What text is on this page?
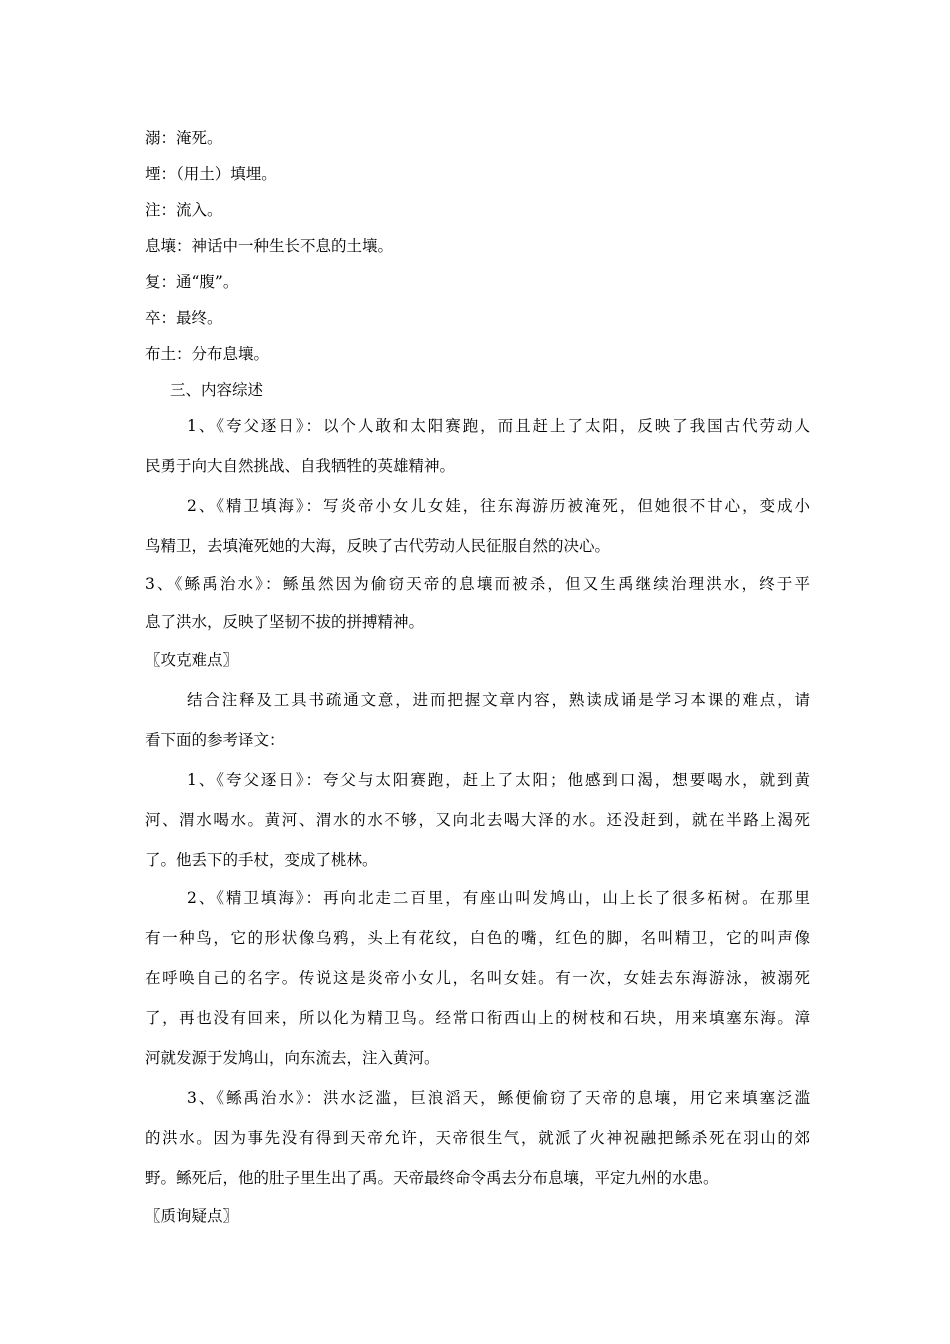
溺：淹死。
堙：（用土）填埋。
注：流入。
息壤：神话中一种生长不息的土壤。
复：通“腹”。
卒：最终。
布土：分布息壤。
三、内容综述
1、《夸父逐日》：以个人敢和太阳赛跑，而且赶上了太阳，反映了我国古代劳动人
民勇于向大自然挑战、自我牺牲的英雄精神。
2、《精卫填海》：写炎帝小女儿女娃，往东海游历被淹死，但她很不甘心，变成小
鸟精卫，去填淹死她的大海，反映了古代劳动人民征服自然的决心。
3、《鲧禹治水》：鲧虽然因为偷窃天帝的息壤而被杀，但又生禹继续治理洪水，终于平
息了洪水，反映了坚韧不拔的拼搏精神。
〖攻克难点〗
结合注释及工具书疏通文意，进而把握文章内容，熟读成诵是学习本课的难点，请
看下面的参考译文：
1、《夸父逐日》：夸父与太阳赛跑，赶上了太阳；他感到口渴，想要喝水，就到黄
河、渭水喝水。黄河、渭水的水不够，又向北去喝大泽的水。还没赶到，就在半路上渴死
了。他丢下的手杖，变成了桃林。
2、《精卫填海》：再向北走二百里，有座山叫发鸠山，山上长了很多柘树。在那里
有一种鸟，它的形状像乌鸦，头上有花纹，白色的嘴，红色的脚，名叫精卫，它的叫声像
在呼唤自己的名字。传说这是炎帝小女儿，名叫女娃。有一次，女娃去东海游泳，被溺死
了，再也没有回来，所以化为精卫鸟。经常口衔西山上的树枝和石块，用来填塞东海。漳
河就发源于发鸠山，向东流去，注入黄河。
3、《鲧禹治水》：洪水泛滥，巨浪滔天，鲧便偷窃了天帝的息壤，用它来填塞泛滥
的洪水。因为事先没有得到天帝允许，天帝很生气，就派了火神祝融把鲧杀死在羽山的郊
野。鲧死后，他的肚子里生出了禹。天帝最终命令禹去分布息壤，平定九州的水患。
〖质询疑点〗
